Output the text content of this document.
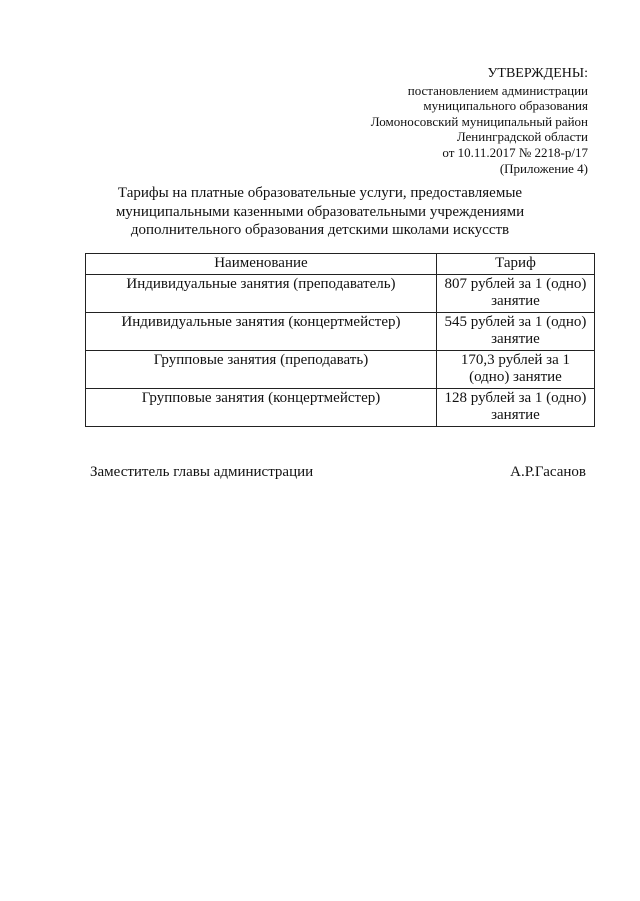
УТВЕРЖДЕНЫ:
постановлением администрации
муниципального образования
Ломоносовский муниципальный район
Ленинградской области
от 10.11.2017 № 2218-р/17
(Приложение 4)
Тарифы на платные образовательные услуги, предоставляемые
муниципальными казенными образовательными учреждениями
дополнительного образования детскими школами искусств
Наименование	Тариф
Индивидуальные занятия (преподаватель)	807 рублей за 1 (одно)
занятие

Индивидуальные занятия (концертмейстер)	545 рублей за 1 (одно)
занятие

Групповые занятия (преподавать)	170,3 рублей за 1
(одно) занятие

Групповые занятия (концертмейстер)	128 рублей за 1 (одно)
занятие
Заместитель главы администрации	А.Р.Гасанов
